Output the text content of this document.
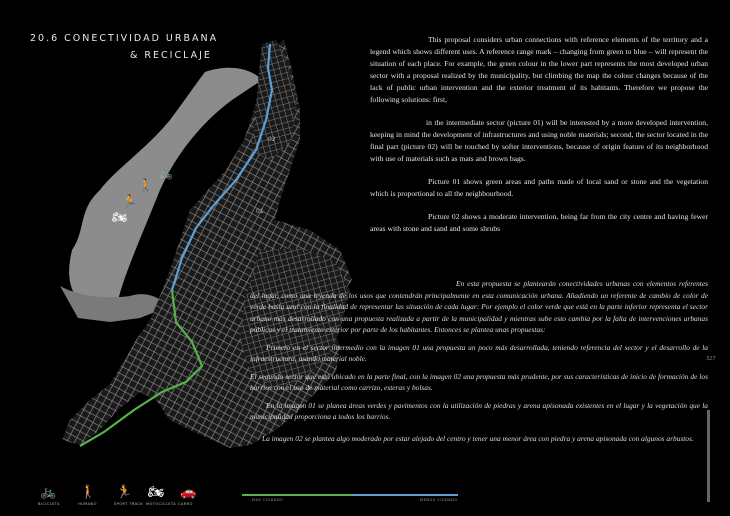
01
02
🚲
🚶
🏃
🏍
20.6 CONECTIVIDAD URBANA
& RECICLAJE

This proposal considers urban connections with reference elements of the territory and a legend which shows different uses. A reference range mark – changing from green to blue – will represent the situation of each place. For example, the green colour in the lower part represents the most developed urban sector with a proposal realized by the municipality, but climbing the map the colour changes because of the lack of public urban intervention and the exterior treatment of its habitants. Therefore we propose the following solutions: first,

in the intermediate sector (picture 01) will be interested by a more developed intervention, keeping in mind the development of infrastructures and using noble materials; second, the sector located in the final part (picture 02) will be touched by softer interventions, because of origin feature of its neighborhood with use of materials such as mats and brown bags.

Picture 01 shows green areas and paths made of local sand or stone and the vegetation which is proportional to all the neighbourhood.

Picture 02 shows a moderate intervention, being far from the city centre and having fewer areas with stone and sand and some shrubs

En esta propuesta se plantearán conectividades urbanas con elementos referentes del lugar, como una leyenda de los usos que contendrán principalmente en esta comunicación urbana. Añadiendo un referente de cambio de color de verde hasta azul con la finalidad de representar las situación de cada lugar: Por ejemplo el color verde que está en la parte inferior representa el sector urbano más desarrollado con una propuesta realizada a partir de la municipalidad y mientras sube esto cambia por la falta de intervenciones urbanas públicas y el tratamiento exterior por parte de los habitantes. Entonces se plantea unas propuestas:

Primero en el sector intermedio con la imagen 01 una propuesta un poco más desarrollada, teniendo referencia del sector y el desarrollo de la infraestructura, usando material noble.

El segundo sector que está ubicado en la parte final, con la imagen 02 una propuesta más prudente, por sus características de inicio de formación de los barrios con el uso de material como carrizo, esteras y bolsas.

En la imagen 01 se planea áreas verdes y pavimentos con la utilización de piedras y arena apisonada existentes en el lugar y la vegetación que la municipalidad proporciona a todos los barrios.

La imagen 02 se plantea algo moderado por estar alejado del centro y tener una menor área con piedra y arena apisonada con algunos arbustos.

327
MAS CUIDADO	MENOS CUIDADO
🚲
BICICLETA
🚶
HUMANO
🏃
SPORT TRACK
🏍
MOTOCICLETA
🚗
CARRO
